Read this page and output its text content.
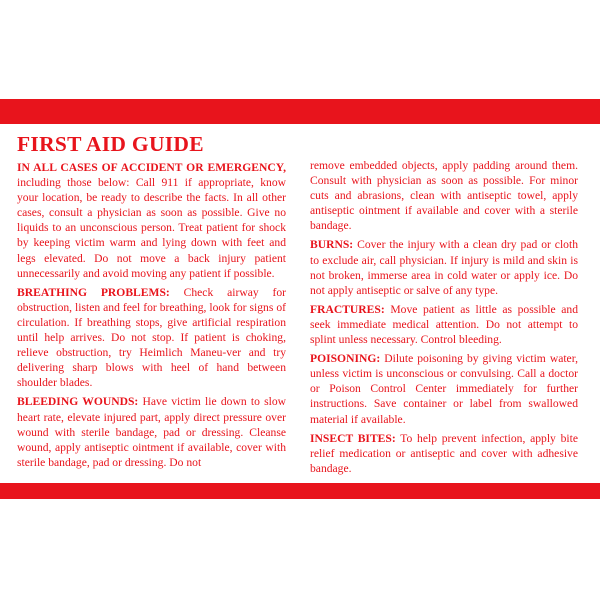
FIRST AID GUIDE

IN ALL CASES OF ACCIDENT OR EMERGENCY, including those below: Call 911 if appropriate, know your location, be ready to describe the facts. In all other cases, consult a physician as soon as possible. Give no liquids to an unconscious person. Treat patient for shock by keeping victim warm and lying down with feet and legs elevated. Do not move a back injury patient unnecessarily and avoid moving any patient if possible.

BREATHING PROBLEMS: Check airway for obstruction, listen and feel for breathing, look for signs of circulation. If breathing stops, give artificial respiration until help arrives. Do not stop. If patient is choking, relieve obstruction, try Heimlich Maneu-ver and try delivering sharp blows with heel of hand between shoulder blades.

BLEEDING WOUNDS: Have victim lie down to slow heart rate, elevate injured part, apply direct pressure over wound with sterile bandage, pad or dressing. Cleanse wound, apply antiseptic ointment if available, cover with sterile bandage, pad or dressing. Do not

remove embedded objects, apply padding around them. Consult with physician as soon as possible. For minor cuts and abrasions, clean with antiseptic towel, apply antiseptic ointment if available and cover with a sterile bandage.

BURNS: Cover the injury with a clean dry pad or cloth to exclude air, call physician. If injury is mild and skin is not broken, immerse area in cold water or apply ice. Do not apply antiseptic or salve of any type.

FRACTURES: Move patient as little as possible and seek immediate medical attention. Do not attempt to splint unless necessary. Control bleeding.

POISONING: Dilute poisoning by giving victim water, unless victim is unconscious or convulsing. Call a doctor or Poison Control Center immediately for further instructions. Save container or label from swallowed material if available.

INSECT BITES: To help prevent infection, apply bite relief medication or antiseptic and cover with adhesive bandage.
